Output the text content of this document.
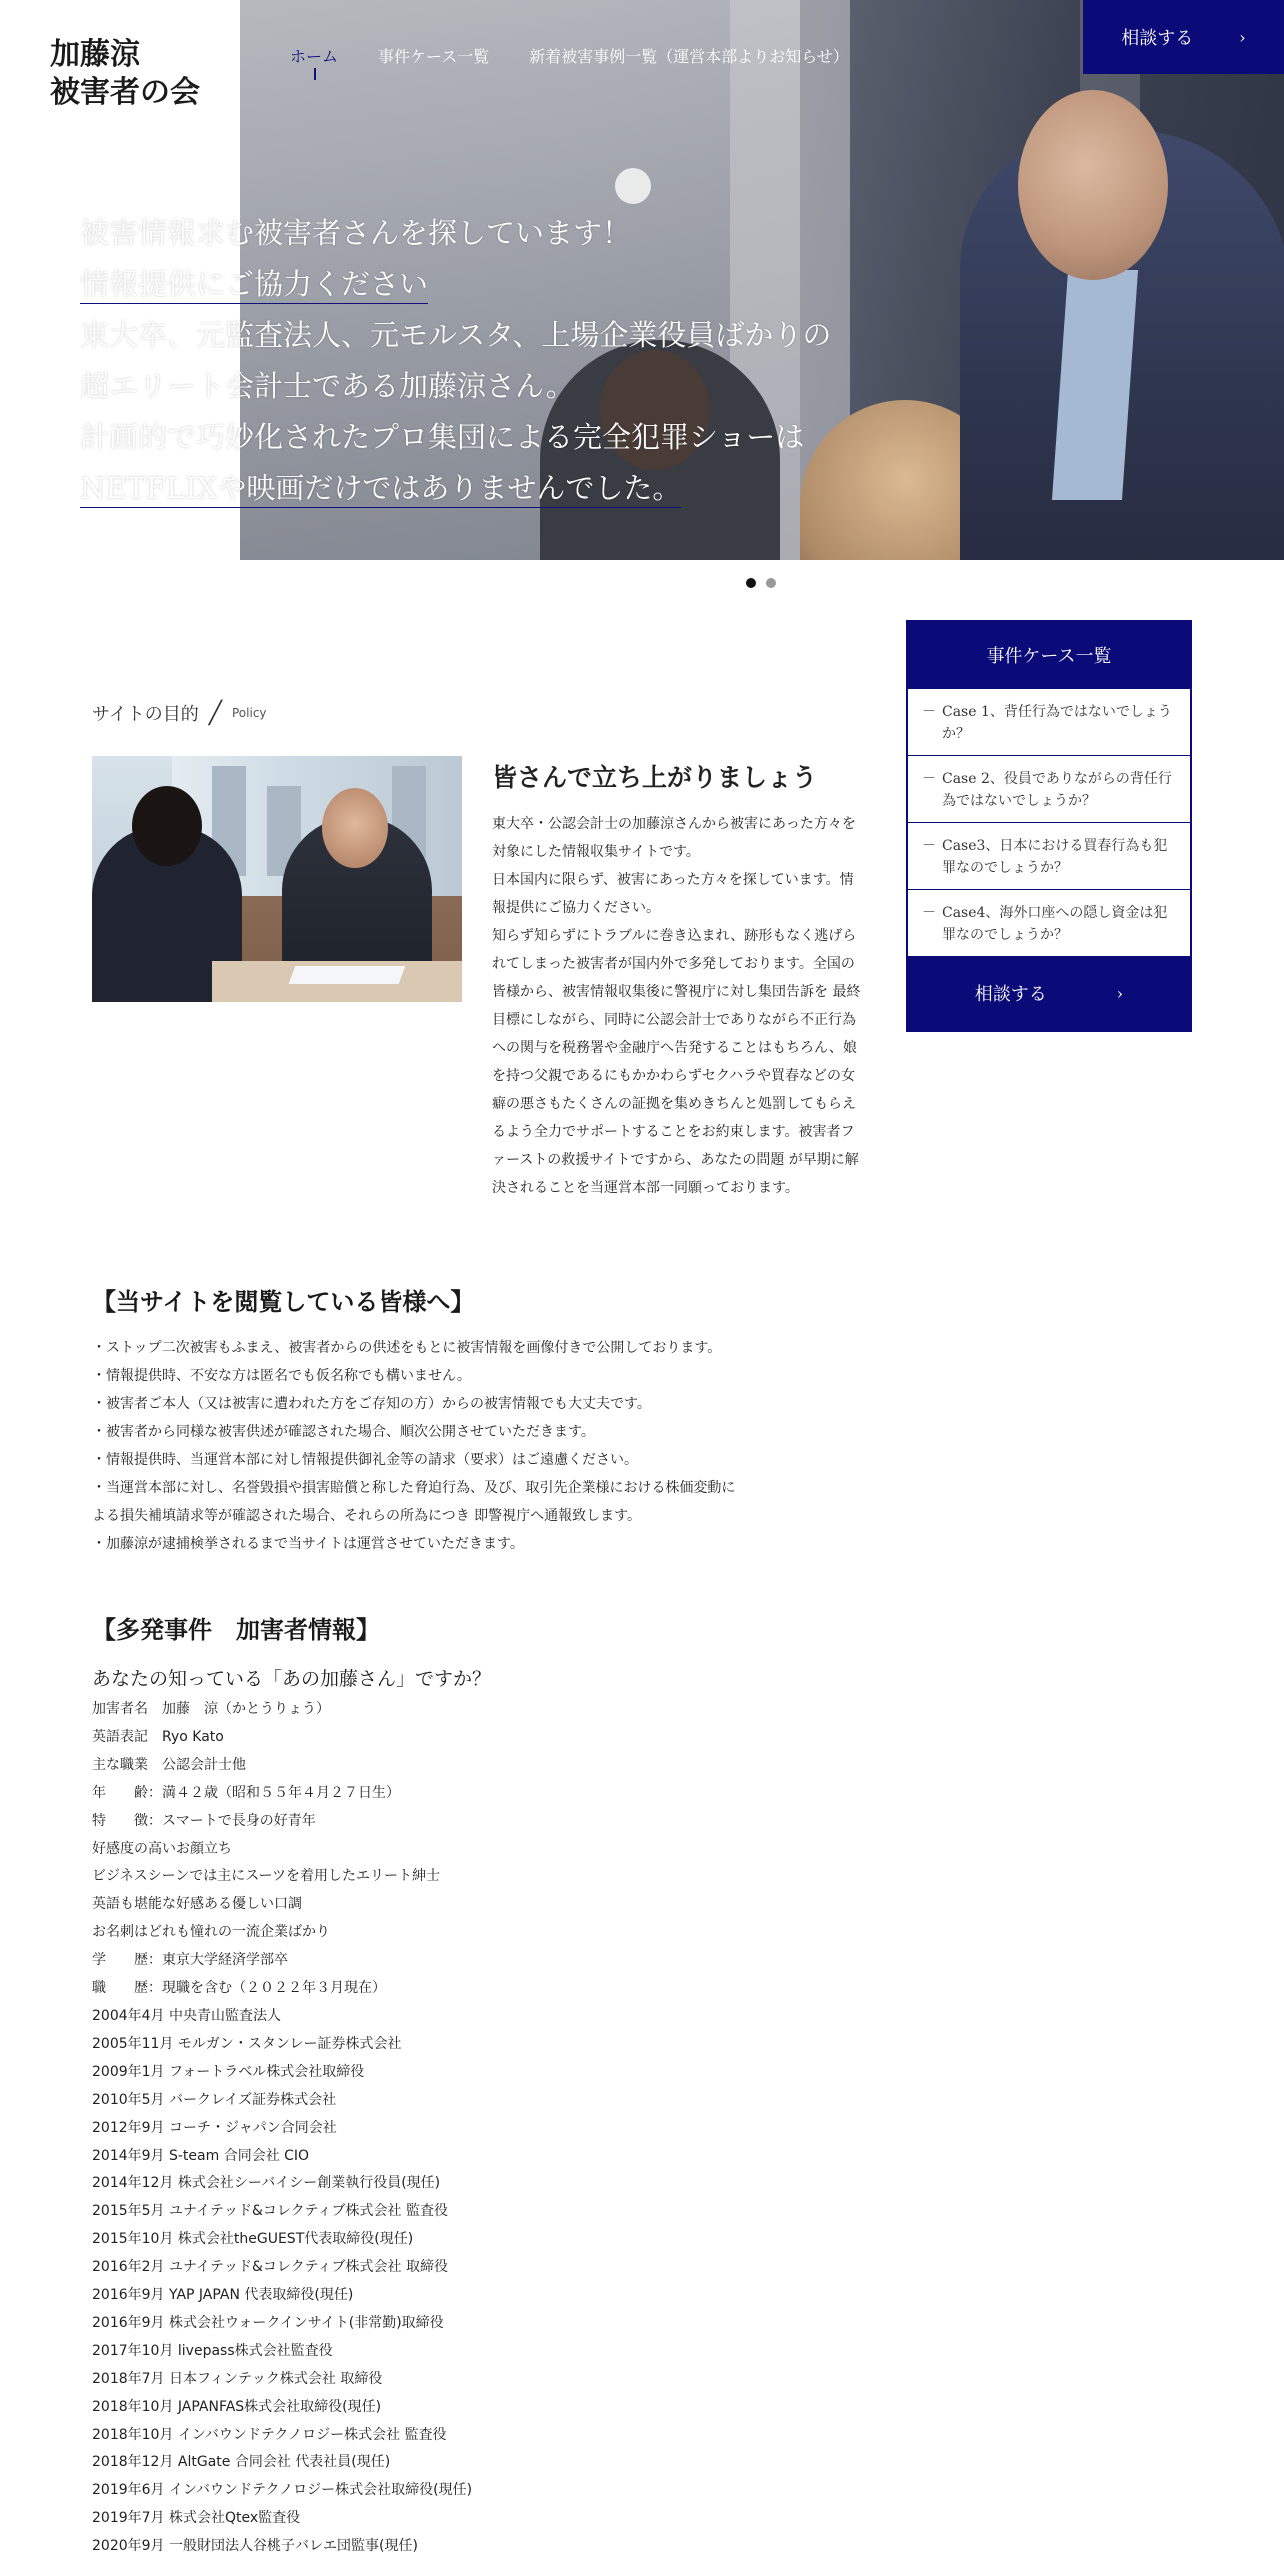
加藤涼
被害者の会
ホーム	事件ケース一覧	新着被害事例一覧（運営本部よりお知らせ）
相談する	›
被害情報求む被害者さんを探しています！
情報提供にご協力ください
東大卒、元監査法人、元モルスタ、上場企業役員ばかりの
超エリート会計士である加藤涼さん。
計画的で巧妙化されたプロ集団による完全犯罪ショーは
NETFLIXや映画だけではありませんでした。
事件ケース一覧
－ Case 1、背任行為ではないでしょうか？
－ Case 2、役員でありながらの背任行為ではないでしょうか？
－ Case3、日本における買春行為も犯罪なのでしょうか？
－ Case4、海外口座への隠し資金は犯罪なのでしょうか？
相談する	›
サイトの目的 ╱ Policy
皆さんで立ち上がりましょう

東大卒・公認会計士の加藤涼さんから被害にあった方々を対象にした情報収集サイトです。
日本国内に限らず、被害にあった方々を探しています。情報提供にご協力ください。
知らず知らずにトラブルに巻き込まれ、跡形もなく逃げられてしまった被害者が国内外で多発しております。全国の皆様から、被害情報収集後に警視庁に対し集団告訴を 最終目標にしながら、同時に公認会計士でありながら不正行為への関与を税務署や金融庁へ告発することはもちろん、娘を持つ父親であるにもかかわらずセクハラや買春などの女癖の悪さもたくさんの証拠を集めきちんと処罰してもらえるよう全力でサポートすることをお約束します。被害者ファーストの救援サイトですから、あなたの問題 が早期に解決されることを当運営本部一同願っております。

【当サイトを閲覧している皆様へ】
・ストップ二次被害もふまえ、被害者からの供述をもとに被害情報を画像付きで公開しております。
・情報提供時、不安な方は匿名でも仮名称でも構いません。
・被害者ご本人（又は被害に遭われた方をご存知の方）からの被害情報でも大丈夫です。
・被害者から同様な被害供述が確認された場合、順次公開させていただきます。
・情報提供時、当運営本部に対し情報提供御礼金等の請求（要求）はご遠慮ください。
・当運営本部に対し、名誉毀損や損害賠償と称した脅迫行為、及び、取引先企業様における株価変動に
よる損失補填請求等が確認された場合、それらの所為につき 即警視庁へ通報致します。
・加藤涼が逮捕検挙されるまで当サイトは運営させていただきます。
【多発事件　加害者情報】
あなたの知っている「あの加藤さん」ですか？
加害者名　加藤　涼（かとうりょう）
英語表記　Ryo Kato
主な職業　公認会計士他
年　　齢：満４２歳（昭和５５年４月２７日生）
特　　徴：スマートで長身の好青年
好感度の高いお顔立ち
ビジネスシーンでは主にスーツを着用したエリート紳士
英語も堪能な好感ある優しい口調
お名刺はどれも憧れの一流企業ばかり
学　　歴：東京大学経済学部卒
職　　歴：現職を含む（２０２２年３月現在）
2004年4月 中央青山監査法人
2005年11月 モルガン・スタンレー証券株式会社
2009年1月 フォートラベル株式会社取締役
2010年5月 バークレイズ証券株式会社
2012年9月 コーチ・ジャパン合同会社
2014年9月 S-team 合同会社 CIO
2014年12月 株式会社シーバイシー創業執行役員(現任)
2015年5月 ユナイテッド&コレクティブ株式会社 監査役
2015年10月 株式会社theGUEST代表取締役(現任)
2016年2月 ユナイテッド&コレクティブ株式会社 取締役
2016年9月 YAP JAPAN 代表取締役(現任)
2016年9月 株式会社ウォークインサイト(非常勤)取締役
2017年10月 livepass株式会社監査役
2018年7月 日本フィンテック株式会社 取締役
2018年10月 JAPANFAS株式会社取締役(現任)
2018年10月 インバウンドテクノロジー株式会社 監査役
2018年12月 AltGate 合同会社 代表社員(現任)
2019年6月 インバウンドテクノロジー株式会社取締役(現任)
2019年7月 株式会社Qtex監査役
2020年9月 一般財団法人谷桃子バレエ団監事(現任)
